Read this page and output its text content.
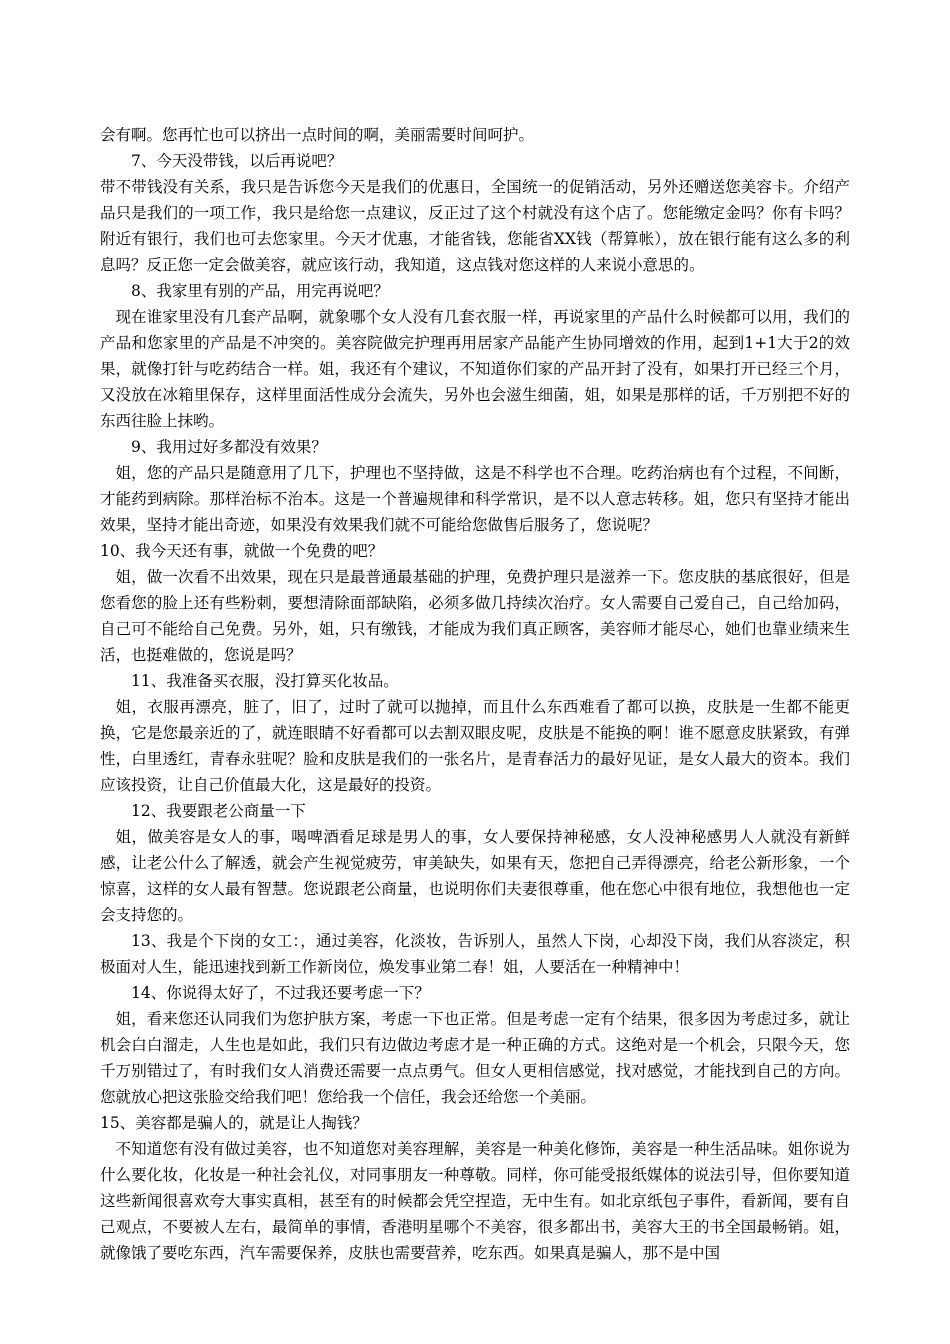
会有啊。您再忙也可以挤出一点时间的啊，美丽需要时间呵护。

7、今天没带钱，以后再说吧？

带不带钱没有关系，我只是告诉您今天是我们的优惠日，全国统一的促销活动，另外还赠送您美容卡。介绍产品只是我们的一项工作，我只是给您一点建议，反正过了这个村就没有这个店了。您能缴定金吗？你有卡吗？附近有银行，我们也可去您家里。今天才优惠，才能省钱，您能省XX钱（帮算帐），放在银行能有这么多的利息吗？反正您一定会做美容，就应该行动，我知道，这点钱对您这样的人来说小意思的。

8、我家里有别的产品，用完再说吧？

现在谁家里没有几套产品啊，就象哪个女人没有几套衣服一样，再说家里的产品什么时候都可以用，我们的产品和您家里的产品是不冲突的。美容院做完护理再用居家产品能产生协同增效的作用，起到1+1大于2的效果，就像打针与吃药结合一样。姐，我还有个建议，不知道你们家的产品开封了没有，如果打开已经三个月，又没放在冰箱里保存，这样里面活性成分会流失，另外也会滋生细菌，姐，如果是那样的话，千万别把不好的东西往脸上抹哟。

9、我用过好多都没有效果？

姐，您的产品只是随意用了几下，护理也不坚持做，这是不科学也不合理。吃药治病也有个过程，不间断，才能药到病除。那样治标不治本。这是一个普遍规律和科学常识，是不以人意志转移。姐，您只有坚持才能出效果，坚持才能出奇迹，如果没有效果我们就不可能给您做售后服务了，您说呢？

10、我今天还有事，就做一个免费的吧？

姐，做一次看不出效果，现在只是最普通最基础的护理，免费护理只是滋养一下。您皮肤的基底很好，但是您看您的脸上还有些粉刺，要想清除面部缺陷，必须多做几持续次治疗。女人需要自己爱自己，自己给加码，自己可不能给自己免费。另外，姐，只有缴钱，才能成为我们真正顾客，美容师才能尽心，她们也靠业绩来生活，也挺难做的，您说是吗？

11、我准备买衣服，没打算买化妆品。

姐，衣服再漂亮，脏了，旧了，过时了就可以抛掉，而且什么东西难看了都可以换，皮肤是一生都不能更换，它是您最亲近的了，就连眼睛不好看都可以去割双眼皮呢，皮肤是不能换的啊！谁不愿意皮肤紧致，有弹性，白里透红，青春永驻呢？脸和皮肤是我们的一张名片，是青春活力的最好见证，是女人最大的资本。我们应该投资，让自己价值最大化，这是最好的投资。

12、我要跟老公商量一下

姐，做美容是女人的事，喝啤酒看足球是男人的事，女人要保持神秘感，女人没神秘感男人人就没有新鲜感，让老公什么了解透，就会产生视觉疲劳，审美缺失，如果有天，您把自己弄得漂亮，给老公新形象，一个惊喜，这样的女人最有智慧。您说跟老公商量，也说明你们夫妻很尊重，他在您心中很有地位，我想他也一定会支持您的。

13、我是个下岗的女工：，通过美容，化淡妆，告诉别人，虽然人下岗，心却没下岗，我们从容淡定，积极面对人生，能迅速找到新工作新岗位，焕发事业第二春！姐，人要活在一种精神中！

14、你说得太好了，不过我还要考虑一下？

姐，看来您还认同我们为您护肤方案，考虑一下也正常。但是考虑一定有个结果，很多因为考虑过多，就让机会白白溜走，人生也是如此，我们只有边做边考虑才是一种正确的方式。这绝对是一个机会，只限今天，您千万别错过了，有时我们女人消费还需要一点点勇气。但女人更相信感觉，找对感觉，才能找到自己的方向。您就放心把这张脸交给我们吧！您给我一个信任，我会还给您一个美丽。

15、美容都是骗人的，就是让人掏钱？

不知道您有没有做过美容，也不知道您对美容理解，美容是一种美化修饰，美容是一种生活品味。姐你说为什么要化妆，化妆是一种社会礼仪，对同事朋友一种尊敬。同样，你可能受报纸媒体的说法引导，但你要知道这些新闻很喜欢夸大事实真相，甚至有的时候都会凭空捏造，无中生有。如北京纸包子事件，看新闻，要有自己观点，不要被人左右，最简单的事情，香港明星哪个不美容，很多都出书，美容大王的书全国最畅销。姐，就像饿了要吃东西，汽车需要保养，皮肤也需要营养，吃东西。如果真是骗人，那不是中国
